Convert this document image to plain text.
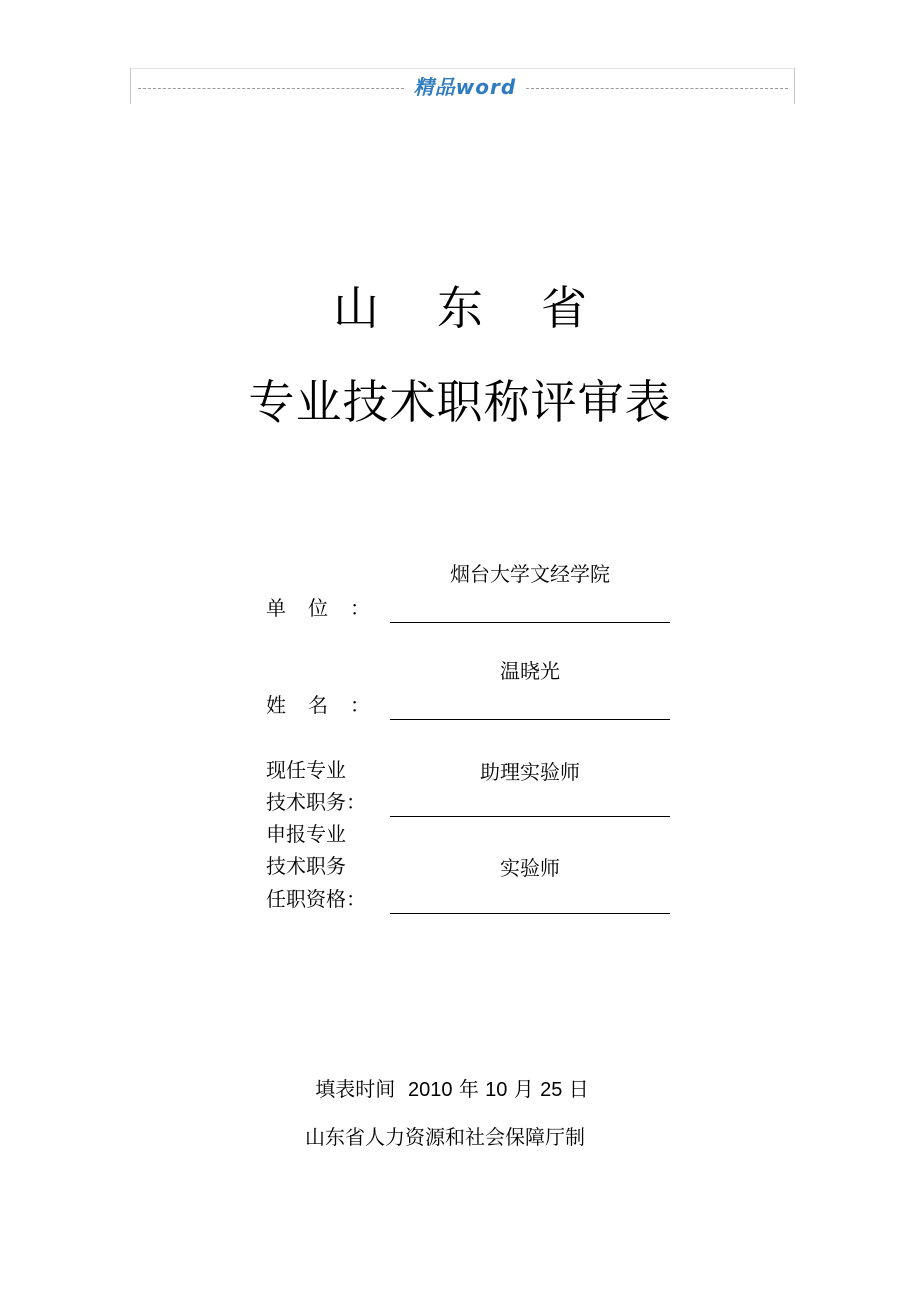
精品word
山东省
专业技术职称评审表
烟台大学文经学院
单位：
温晓光
姓名：
现任专业	助理实验师
技术职务：
申报专业
技术职务	实验师
任职资格：
填表时间 2010 年 10 月 25 日
山东省人力资源和社会保障厅制
